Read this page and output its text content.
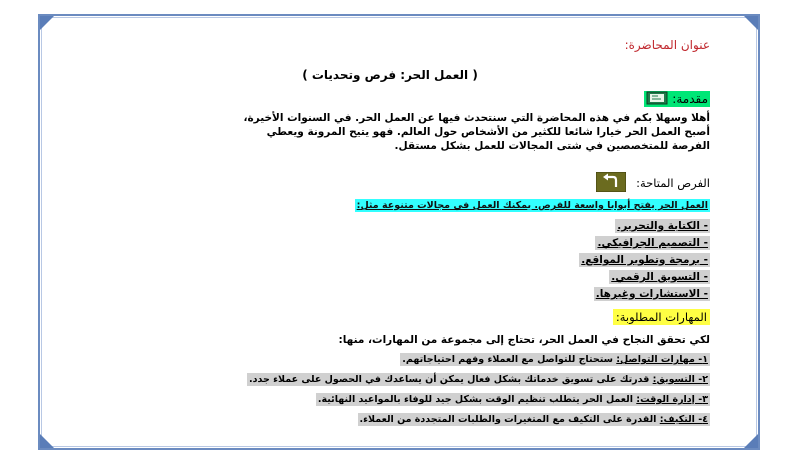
عنوان المحاضرة:
( العمل الحر: فرص وتحديات )
مقدمة:
أهلا وسهلا بكم في هذه المحاضرة التي سنتحدث فيها عن العمل الحر. في السنوات الأخيرة،
أصبح العمل الحر خيارا شائعا للكثير من الأشخاص حول العالم. فهو يتيح المرونة ويعطي
الفرصة للمتخصصين في شتى المجالات للعمل بشكل مستقل.
الفرص المتاحة:
العمل الحر يفتح أبوابا واسعة للفرص. يمكنك العمل في مجالات متنوعة مثل:
- الكتابة والتحرير.
- التصميم الجرافيكي.
- برمجة وتطوير المواقع.
- التسويق الرقمي.
- الاستشارات وغيرها.
المهارات المطلوبة:
لكي تحقق النجاح في العمل الحر، تحتاج إلى مجموعة من المهارات، منها:
١- مهارات التواصل: ستحتاج للتواصل مع العملاء وفهم احتياجاتهم.
٢- التسويق: قدرتك على تسويق خدماتك بشكل فعال يمكن أن يساعدك في الحصول على عملاء جدد.
٣- إدارة الوقت: العمل الحر يتطلب تنظيم الوقت بشكل جيد للوفاء بالمواعيد النهائية.
٤- التكيف: القدرة على التكيف مع المتغيرات والطلبات المتجددة من العملاء.
